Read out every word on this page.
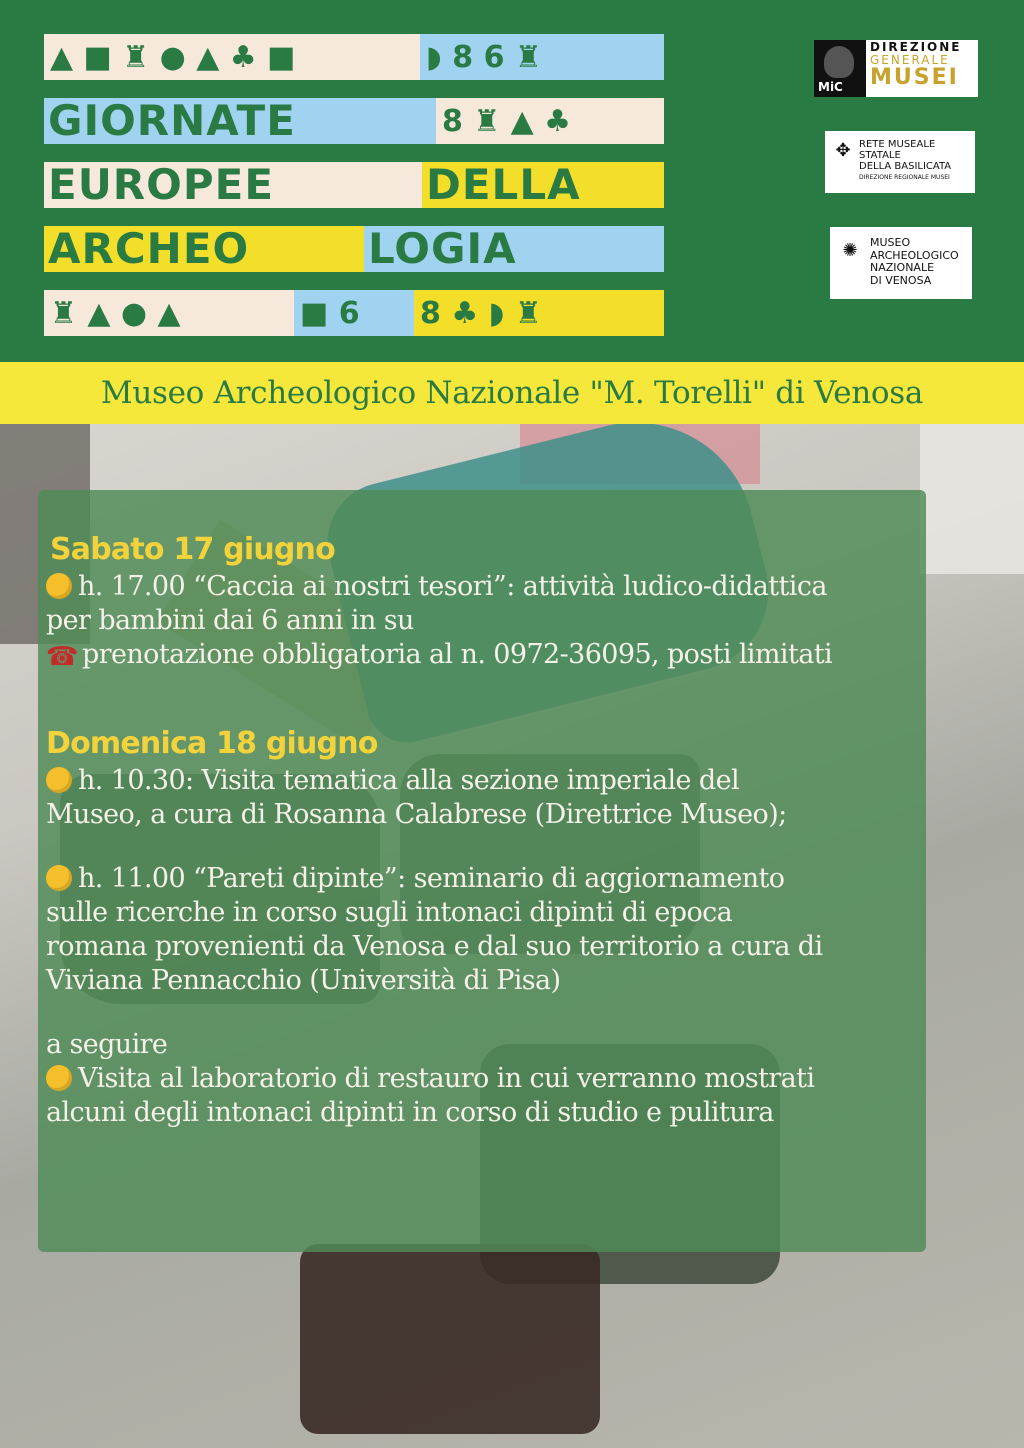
▲ ■ ♜ ● ▲ ♣ ■	◗ 8 6 ♜
GIORNATE	8 ♜ ▲ ♣
EUROPEE	DELLA
ARCHEO	LOGIA
♜ ▲ ● ▲	■ 6 8 ♣ ◗ ♜
MiC
DIREZIONE
GENERALE
MUSEI
✥ RETE MUSEALE
STATALE
DELLA BASILICATA
DIREZIONE REGIONALE MUSEI
✺ MUSEO
ARCHEOLOGICO
NAZIONALE
DI VENOSA
Museo Archeologico Nazionale "M. Torelli" di Venosa
Sabato 17 giugno
h. 17.00 “Caccia ai nostri tesori”: attività ludico-didattica
per bambini dai 6 anni in su
☎ prenotazione obbligatoria al n. 0972-36095, posti limitati
Domenica 18 giugno
h. 10.30: Visita tematica alla sezione imperiale del
Museo, a cura di Rosanna Calabrese (Direttrice Museo);
h. 11.00 “Pareti dipinte”: seminario di aggiornamento
sulle ricerche in corso sugli intonaci dipinti di epoca
romana provenienti da Venosa e dal suo territorio a cura di
Viviana Pennacchio (Università di Pisa)
a seguire
Visita al laboratorio di restauro in cui verranno mostrati
alcuni degli intonaci dipinti in corso di studio e pulitura
